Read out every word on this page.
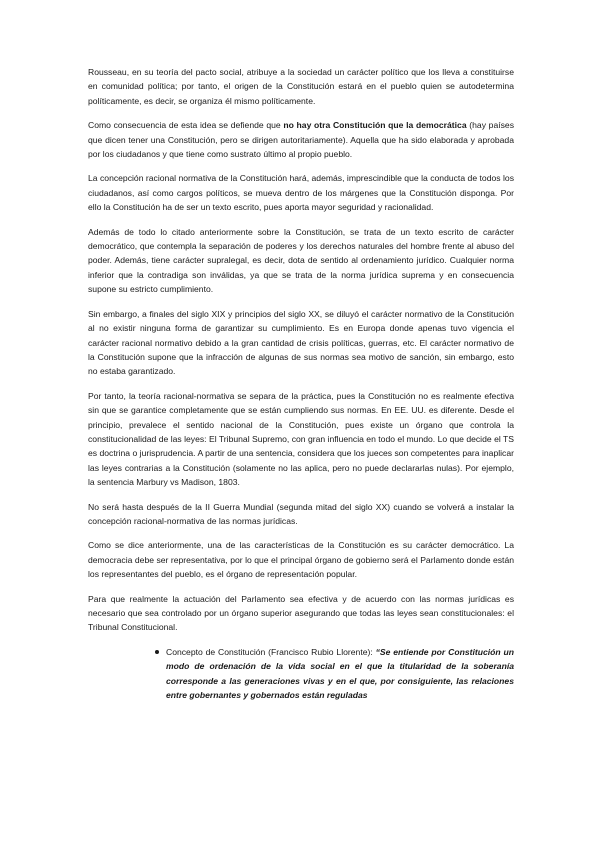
Rousseau, en su teoría del pacto social, atribuye a la sociedad un carácter político que los lleva a constituirse en comunidad política; por tanto, el origen de la Constitución estará en el pueblo quien se autodetermina políticamente, es decir, se organiza él mismo políticamente.

Como consecuencia de esta idea se defiende que no hay otra Constitución que la democrática (hay países que dicen tener una Constitución, pero se dirigen autoritariamente). Aquella que ha sido elaborada y aprobada por los ciudadanos y que tiene como sustrato último al propio pueblo.

La concepción racional normativa de la Constitución hará, además, imprescindible que la conducta de todos los ciudadanos, así como cargos políticos, se mueva dentro de los márgenes que la Constitución disponga. Por ello la Constitución ha de ser un texto escrito, pues aporta mayor seguridad y racionalidad.

Además de todo lo citado anteriormente sobre la Constitución, se trata de un texto escrito de carácter democrático, que contempla la separación de poderes y los derechos naturales del hombre frente al abuso del poder. Además, tiene carácter supralegal, es decir, dota de sentido al ordenamiento jurídico. Cualquier norma inferior que la contradiga son inválidas, ya que se trata de la norma jurídica suprema y en consecuencia supone su estricto cumplimiento.

Sin embargo, a finales del siglo XIX y principios del siglo XX, se diluyó el carácter normativo de la Constitución al no existir ninguna forma de garantizar su cumplimiento. Es en Europa donde apenas tuvo vigencia el carácter racional normativo debido a la gran cantidad de crisis políticas, guerras, etc. El carácter normativo de la Constitución supone que la infracción de algunas de sus normas sea motivo de sanción, sin embargo, esto no estaba garantizado.

Por tanto, la teoría racional-normativa se separa de la práctica, pues la Constitución no es realmente efectiva sin que se garantice completamente que se están cumpliendo sus normas. En EE. UU. es diferente. Desde el principio, prevalece el sentido nacional de la Constitución, pues existe un órgano que controla la constitucionalidad de las leyes: El Tribunal Supremo, con gran influencia en todo el mundo. Lo que decide el TS es doctrina o jurisprudencia. A partir de una sentencia, considera que los jueces son competentes para inaplicar las leyes contrarias a la Constitución (solamente no las aplica, pero no puede declararlas nulas). Por ejemplo, la sentencia Marbury vs Madison, 1803.

No será hasta después de la II Guerra Mundial (segunda mitad del siglo XX) cuando se volverá a instalar la concepción racional-normativa de las normas jurídicas.

Como se dice anteriormente, una de las características de la Constitución es su carácter democrático. La democracia debe ser representativa, por lo que el principal órgano de gobierno será el Parlamento donde están los representantes del pueblo, es el órgano de representación popular.

Para que realmente la actuación del Parlamento sea efectiva y de acuerdo con las normas jurídicas es necesario que sea controlado por un órgano superior asegurando que todas las leyes sean constitucionales: el Tribunal Constitucional.

Concepto de Constitución (Francisco Rubio Llorente): “Se entiende por Constitución un modo de ordenación de la vida social en el que la titularidad de la soberanía corresponde a las generaciones vivas y en el que, por consiguiente, las relaciones entre gobernantes y gobernados están reguladas
